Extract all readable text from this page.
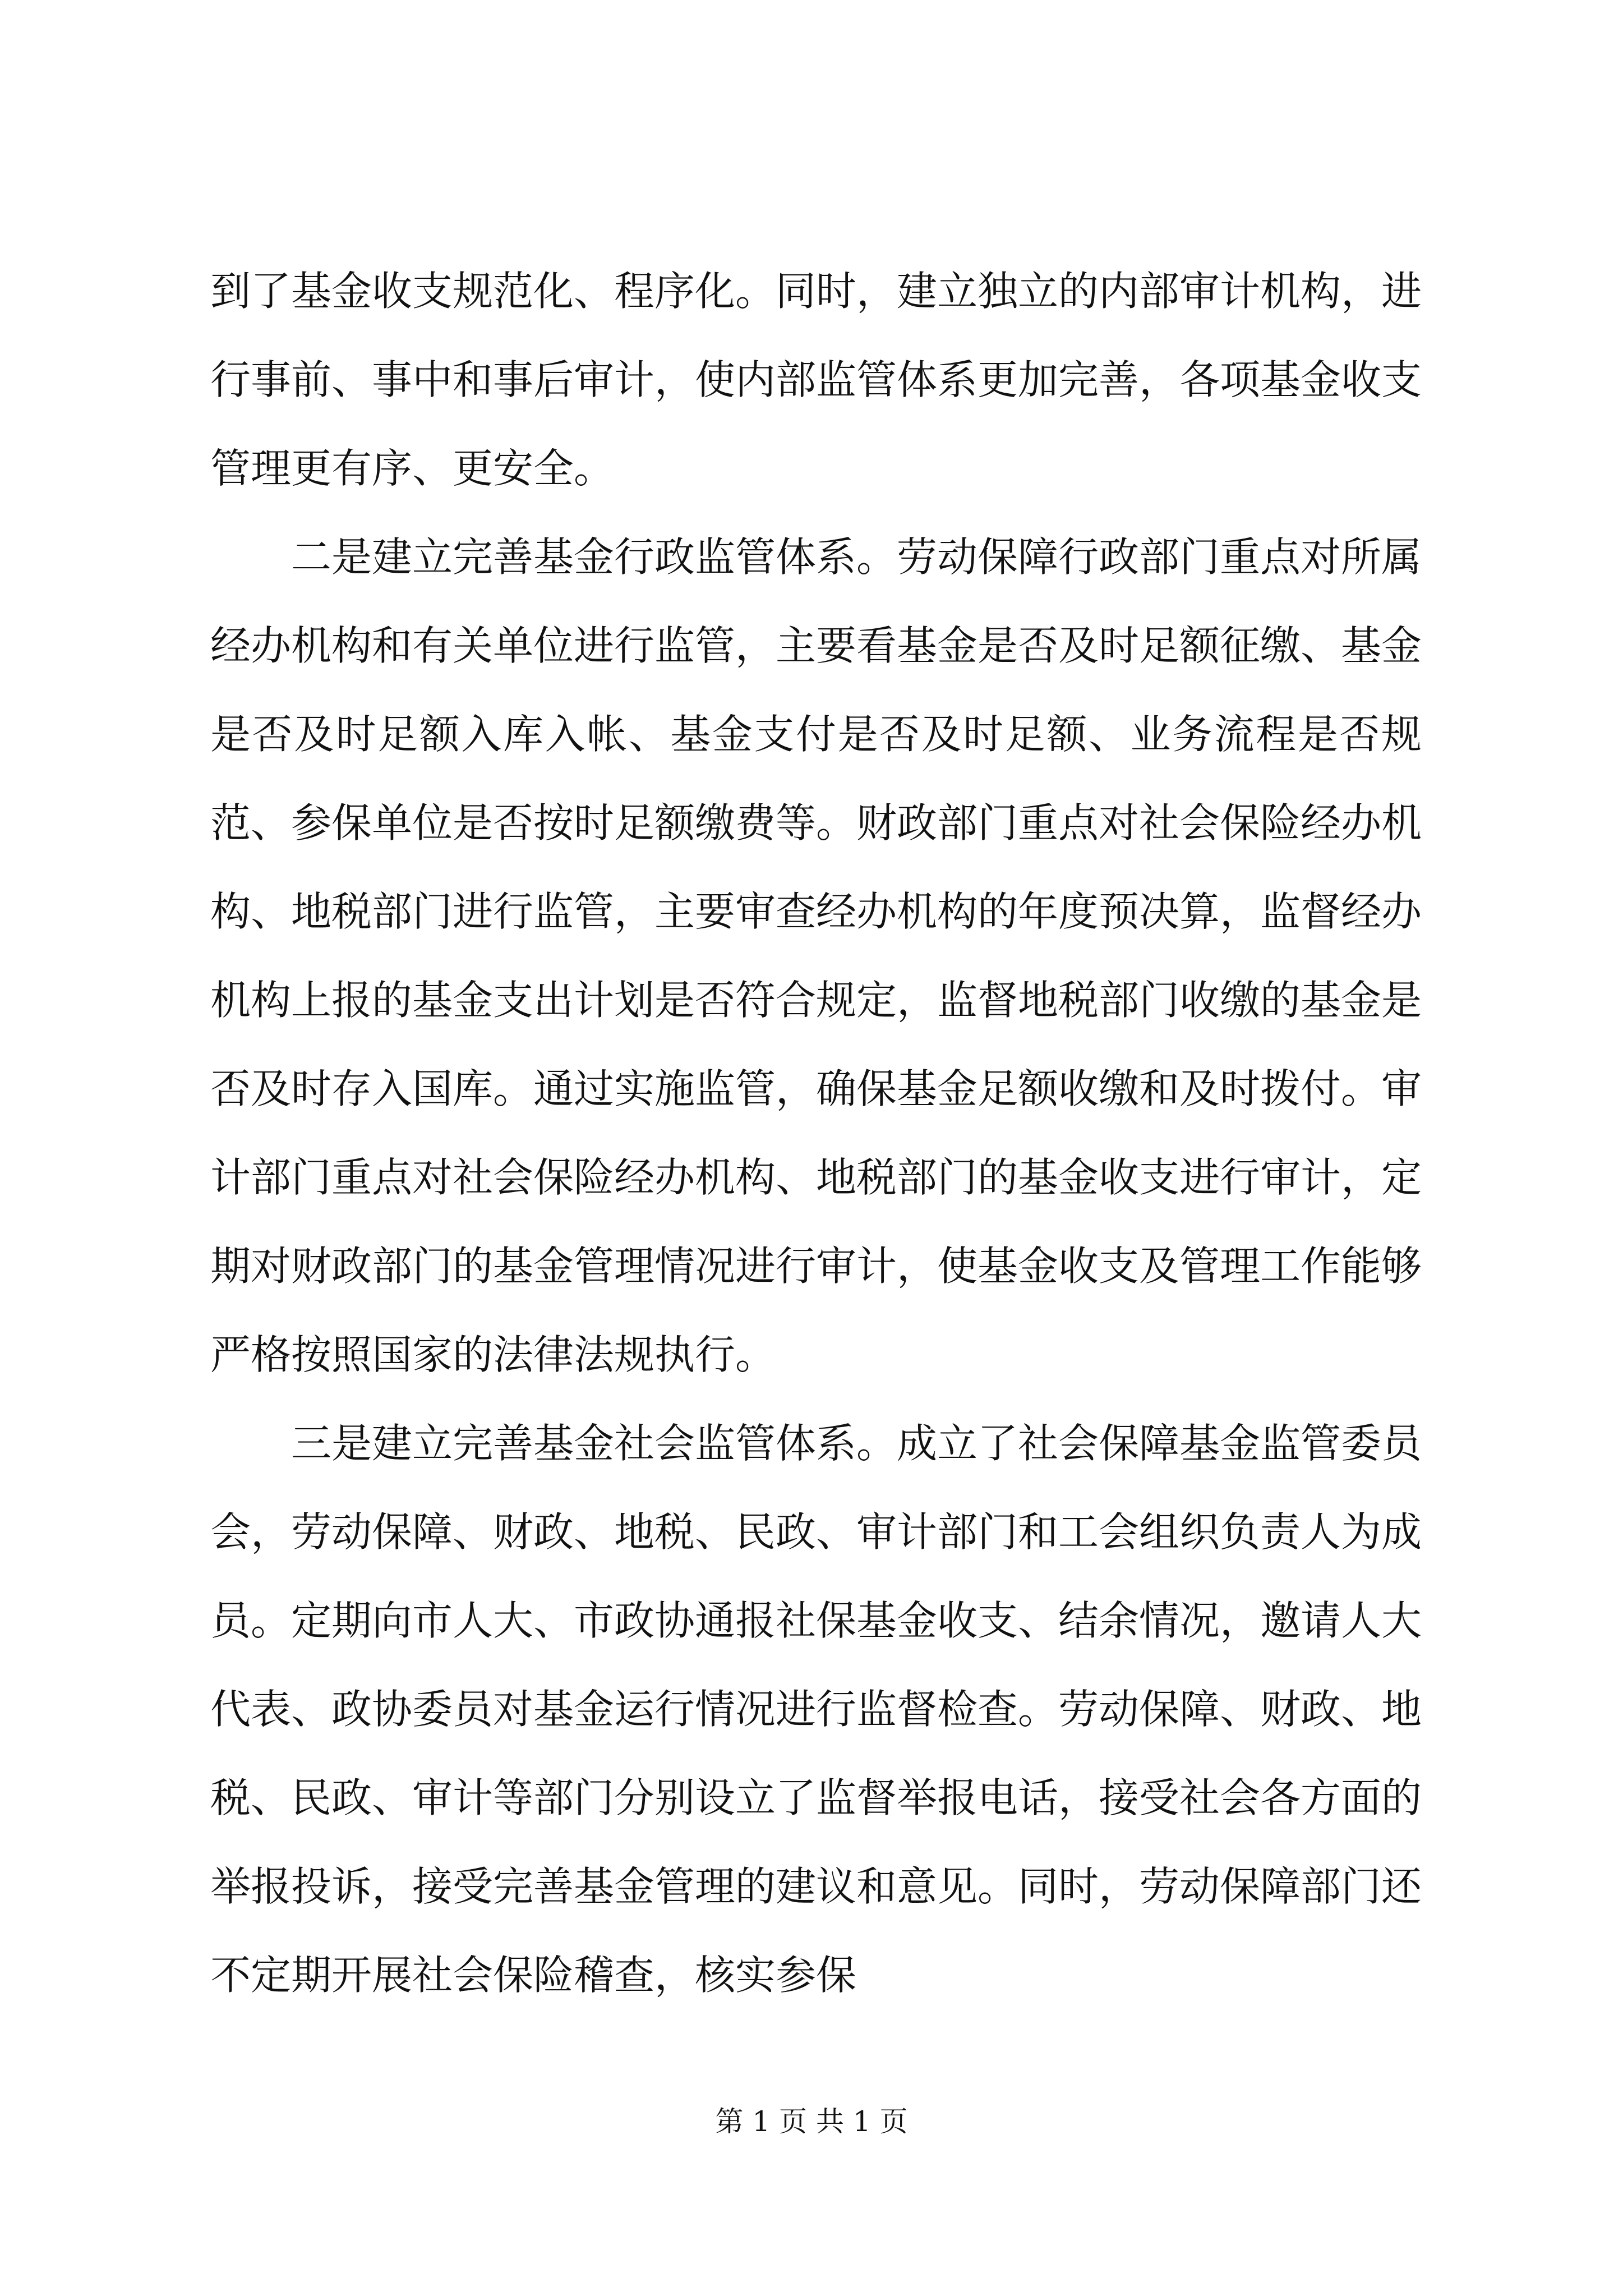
到了基金收支规范化、程序化。同时，建立独立的内部审计机构，进行事前、事中和事后审计，使内部监管体系更加完善，各项基金收支管理更有序、更安全。

二是建立完善基金行政监管体系。劳动保障行政部门重点对所属经办机构和有关单位进行监管，主要看基金是否及时足额征缴、基金是否及时足额入库入帐、基金支付是否及时足额、业务流程是否规范、参保单位是否按时足额缴费等。财政部门重点对社会保险经办机构、地税部门进行监管，主要审查经办机构的年度预决算，监督经办机构上报的基金支出计划是否符合规定，监督地税部门收缴的基金是否及时存入国库。通过实施监管，确保基金足额收缴和及时拨付。审计部门重点对社会保险经办机构、地税部门的基金收支进行审计，定期对财政部门的基金管理情况进行审计，使基金收支及管理工作能够严格按照国家的法律法规执行。

三是建立完善基金社会监管体系。成立了社会保障基金监管委员会，劳动保障、财政、地税、民政、审计部门和工会组织负责人为成员。定期向市人大、市政协通报社保基金收支、结余情况，邀请人大代表、政协委员对基金运行情况进行监督检查。劳动保障、财政、地税、民政、审计等部门分别设立了监督举报电话，接受社会各方面的举报投诉，接受完善基金管理的建议和意见。同时，劳动保障部门还不定期开展社会保险稽查，核实参保

第 1 页 共 1 页
